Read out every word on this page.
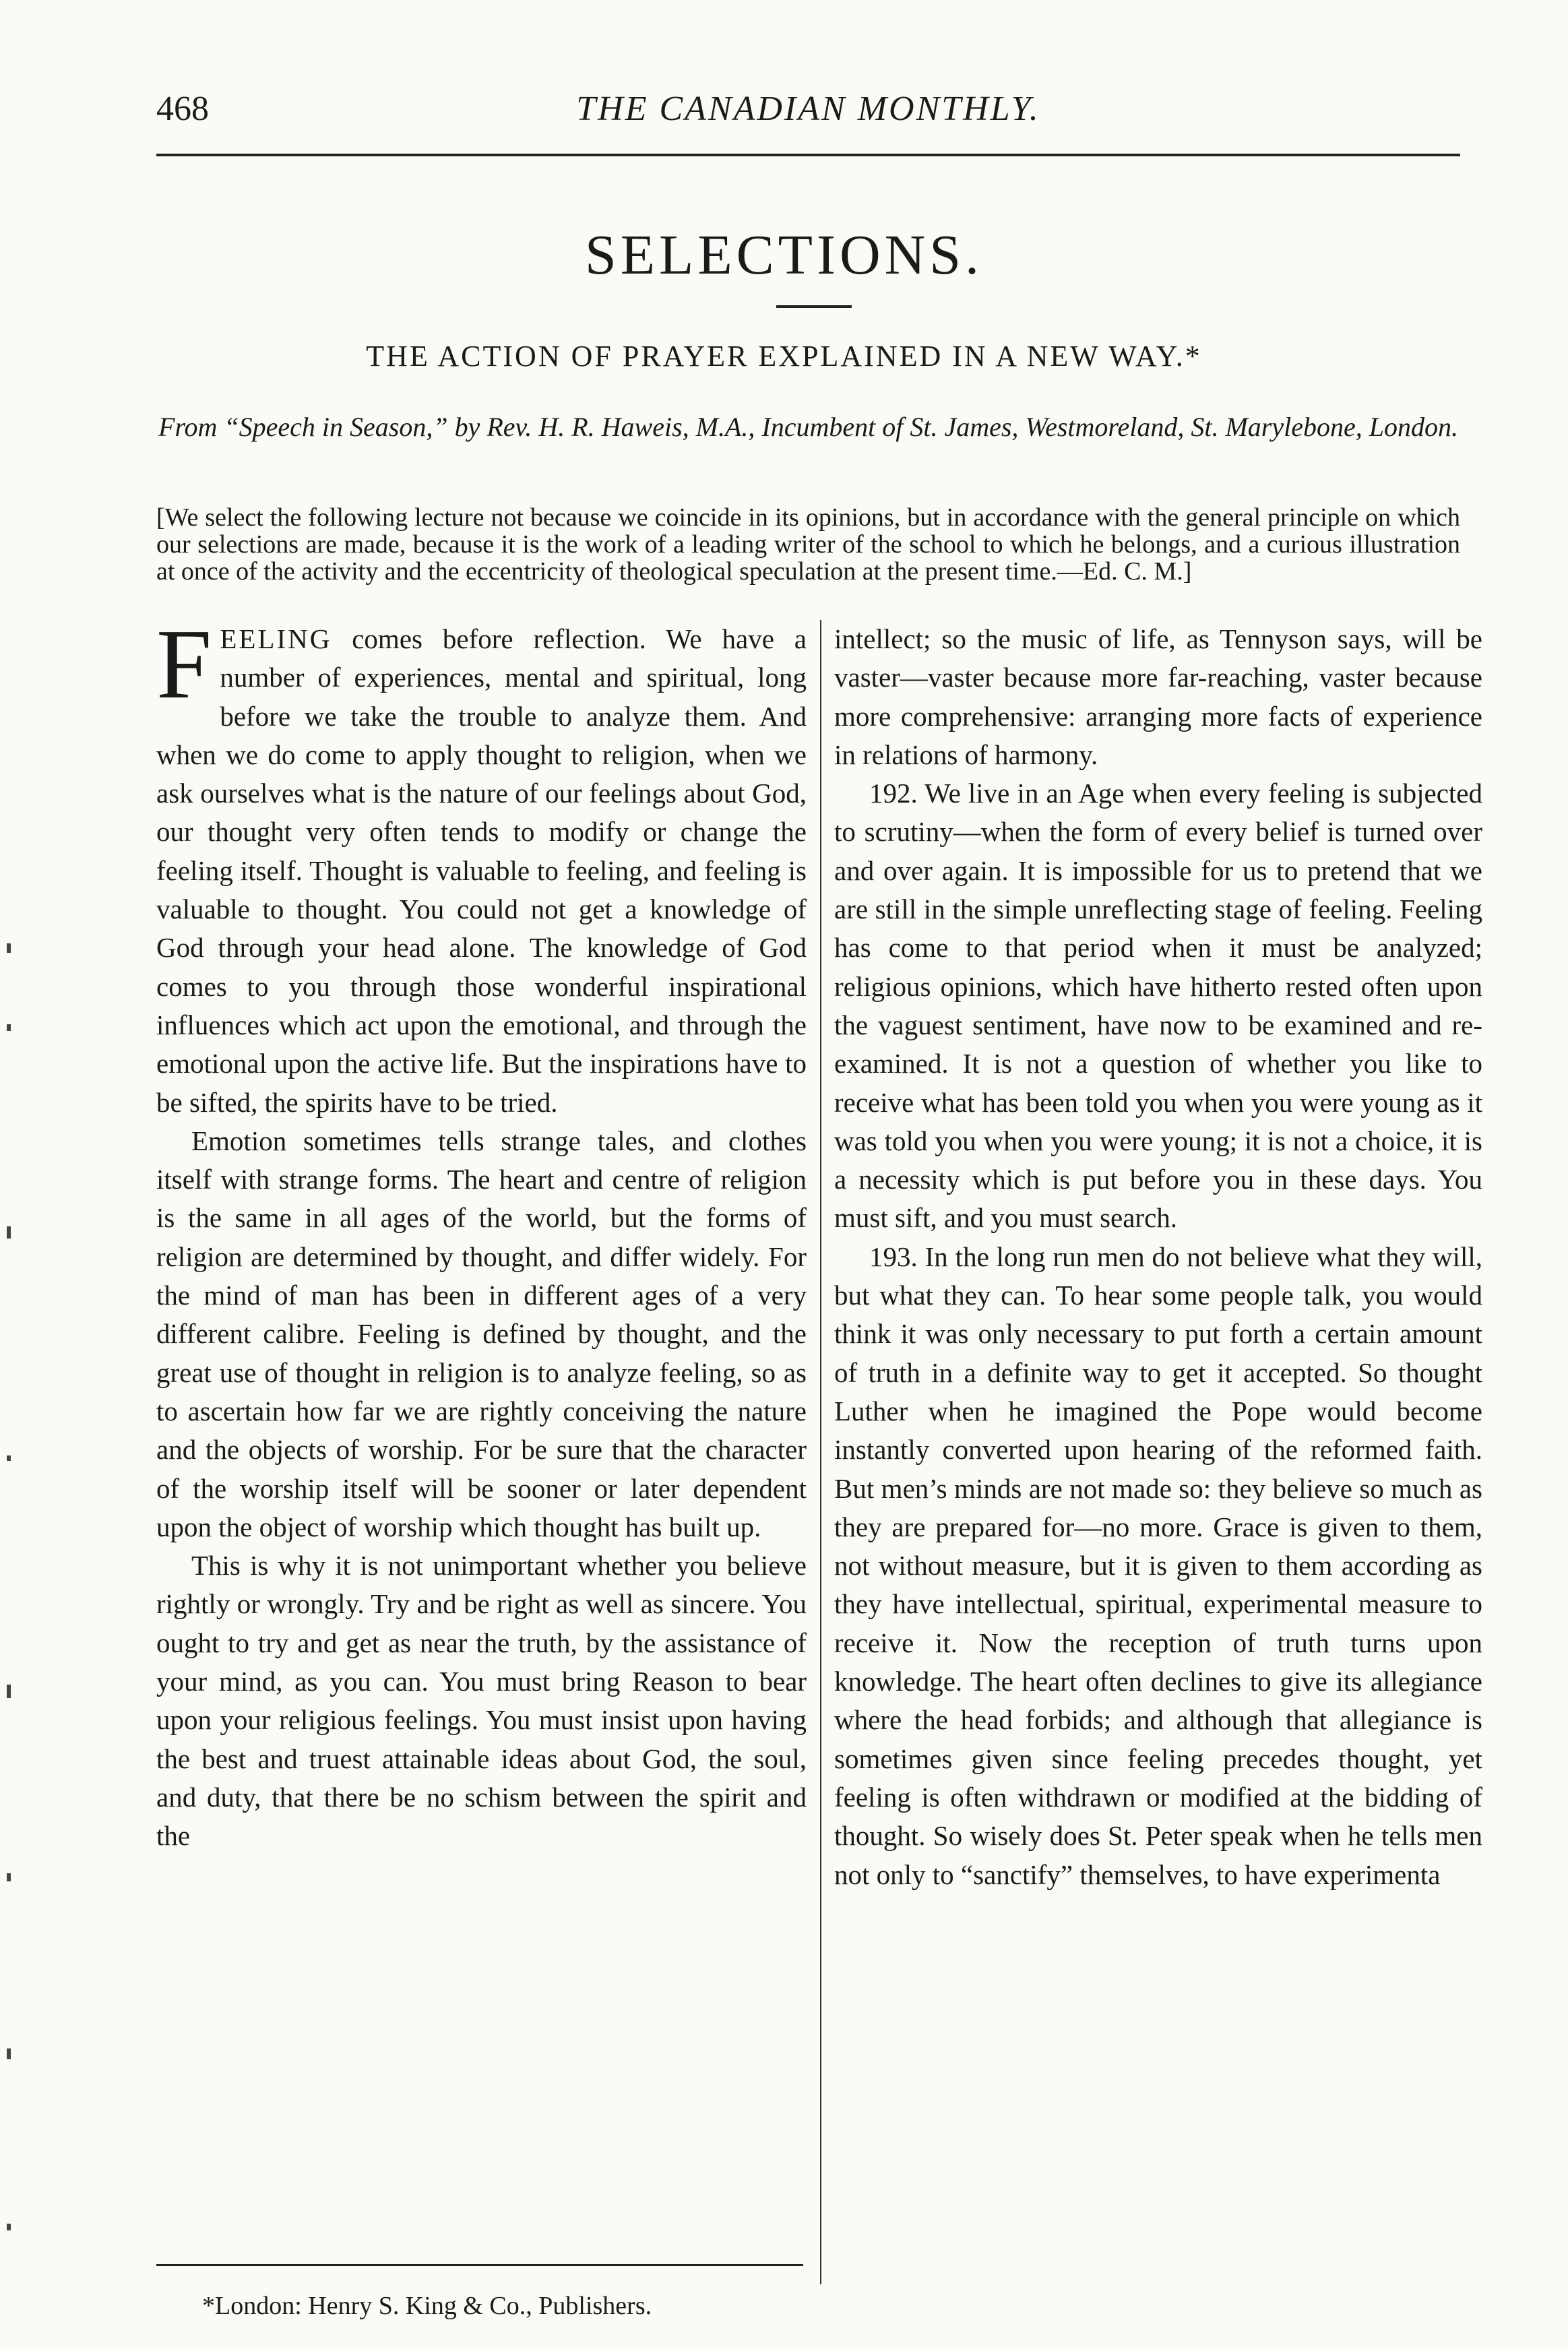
468	THE CANADIAN MONTHLY.
SELECTIONS.
THE ACTION OF PRAYER EXPLAINED IN A NEW WAY.*
From “Speech in Season,” by Rev. H. R. Haweis, M.A., Incumbent of St. James, Westmoreland, St. Marylebone, London.
[We select the following lecture not because we coincide in its opinions, but in accordance with the general principle on which our selections are made, because it is the work of a leading writer of the school to which he belongs, and a curious illustration at once of the activity and the eccentricity of theological speculation at the present time.—Ed. C. M.]

FEELING comes before reflection. We have a number of experiences, mental and spiritual, long before we take the trouble to analyze them. And when we do come to apply thought to religion, when we ask ourselves what is the nature of our feelings about God, our thought very often tends to modify or change the feeling itself. Thought is valuable to feeling, and feeling is valuable to thought. You could not get a knowledge of God through your head alone. The knowledge of God comes to you through those wonderful inspirational influences which act upon the emotional, and through the emotional upon the active life. But the inspirations have to be sifted, the spirits have to be tried.

Emotion sometimes tells strange tales, and clothes itself with strange forms. The heart and centre of religion is the same in all ages of the world, but the forms of religion are determined by thought, and differ widely. For the mind of man has been in different ages of a very different calibre. Feeling is defined by thought, and the great use of thought in religion is to analyze feeling, so as to ascertain how far we are rightly conceiving the nature and the objects of worship. For be sure that the character of the worship itself will be sooner or later dependent upon the object of worship which thought has built up.

This is why it is not unimportant whether you believe rightly or wrongly. Try and be right as well as sincere. You ought to try and get as near the truth, by the assistance of your mind, as you can. You must bring Reason to bear upon your religious feelings. You must insist upon having the best and truest attainable ideas about God, the soul, and duty, that there be no schism between the spirit and the

intellect; so the music of life, as Tennyson says, will be vaster—vaster because more far-reaching, vaster because more comprehensive: arranging more facts of experience in relations of harmony.

192. We live in an Age when every feeling is subjected to scrutiny—when the form of every belief is turned over and over again. It is impossible for us to pretend that we are still in the simple unreflecting stage of feeling. Feeling has come to that period when it must be analyzed; religious opinions, which have hitherto rested often upon the vaguest sentiment, have now to be examined and re-examined. It is not a question of whether you like to receive what has been told you when you were young as it was told you when you were young; it is not a choice, it is a necessity which is put before you in these days. You must sift, and you must search.

193. In the long run men do not believe what they will, but what they can. To hear some people talk, you would think it was only necessary to put forth a certain amount of truth in a definite way to get it accepted. So thought Luther when he imagined the Pope would become instantly converted upon hearing of the reformed faith. But men’s minds are not made so: they believe so much as they are prepared for—no more. Grace is given to them, not without measure, but it is given to them according as they have intellectual, spiritual, experimental measure to receive it. Now the reception of truth turns upon knowledge. The heart often declines to give its allegiance where the head forbids; and although that allegiance is sometimes given since feeling precedes thought, yet feeling is often withdrawn or modified at the bidding of thought. So wisely does St. Peter speak when he tells men not only to “sanctify” themselves, to have experimenta

*London: Henry S. King & Co., Publishers.
